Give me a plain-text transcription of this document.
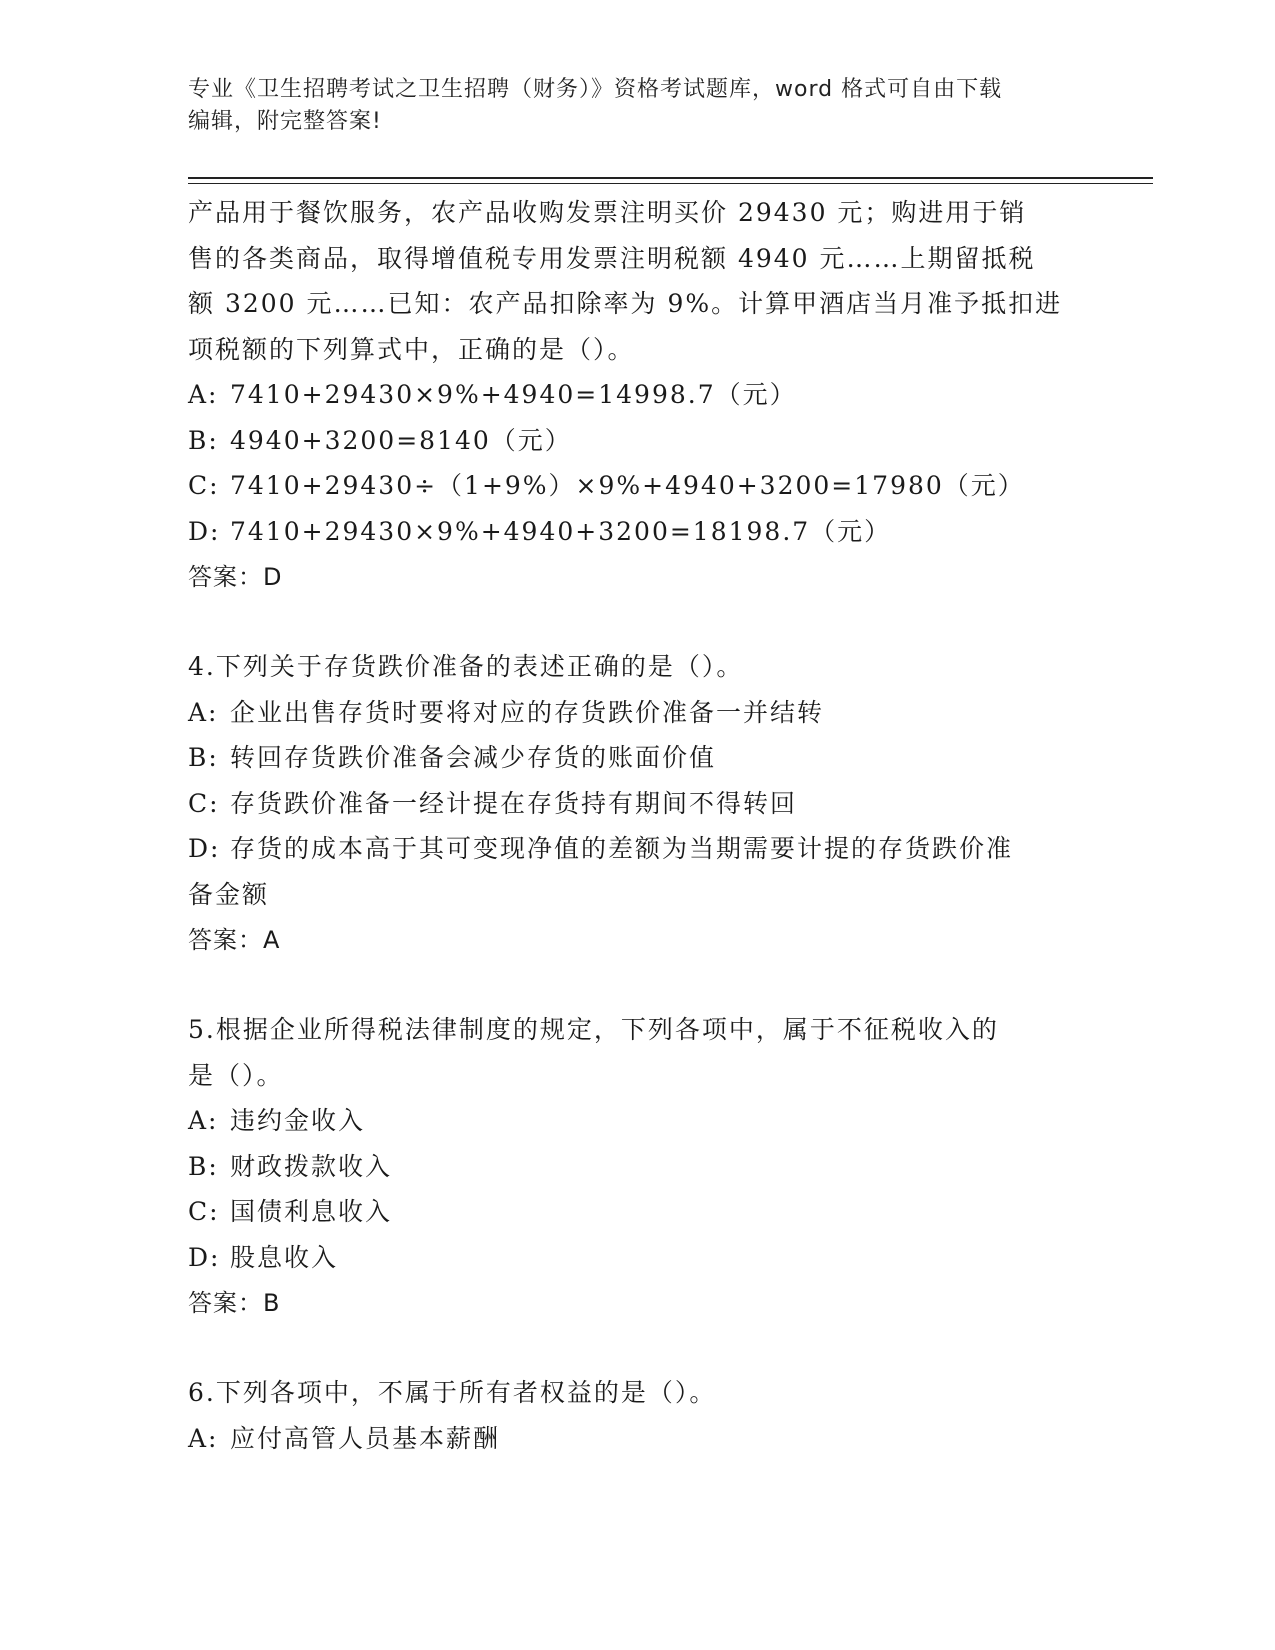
专业《卫生招聘考试之卫生招聘（财务）》资格考试题库，word 格式可自由下载
编辑，附完整答案!
产品用于餐饮服务，农产品收购发票注明买价 29430 元；购进用于销
售的各类商品，取得增值税专用发票注明税额 4940 元……上期留抵税
额 3200 元……已知：农产品扣除率为 9%。计算甲酒店当月准予抵扣进
项税额的下列算式中，正确的是（）。
A: 7410+29430×9%+4940=14998.7（元）
B: 4940+3200=8140（元）
C: 7410+29430÷（1+9%）×9%+4940+3200=17980（元）
D: 7410+29430×9%+4940+3200=18198.7（元）
答案：D
4.下列关于存货跌价准备的表述正确的是（）。
A: 企业出售存货时要将对应的存货跌价准备一并结转
B: 转回存货跌价准备会减少存货的账面价值
C: 存货跌价准备一经计提在存货持有期间不得转回
D: 存货的成本高于其可变现净值的差额为当期需要计提的存货跌价准
备金额
答案：A
5.根据企业所得税法律制度的规定，下列各项中，属于不征税收入的
是（）。
A: 违约金收入
B: 财政拨款收入
C: 国债利息收入
D: 股息收入
答案：B
6.下列各项中，不属于所有者权益的是（）。
A: 应付高管人员基本薪酬
